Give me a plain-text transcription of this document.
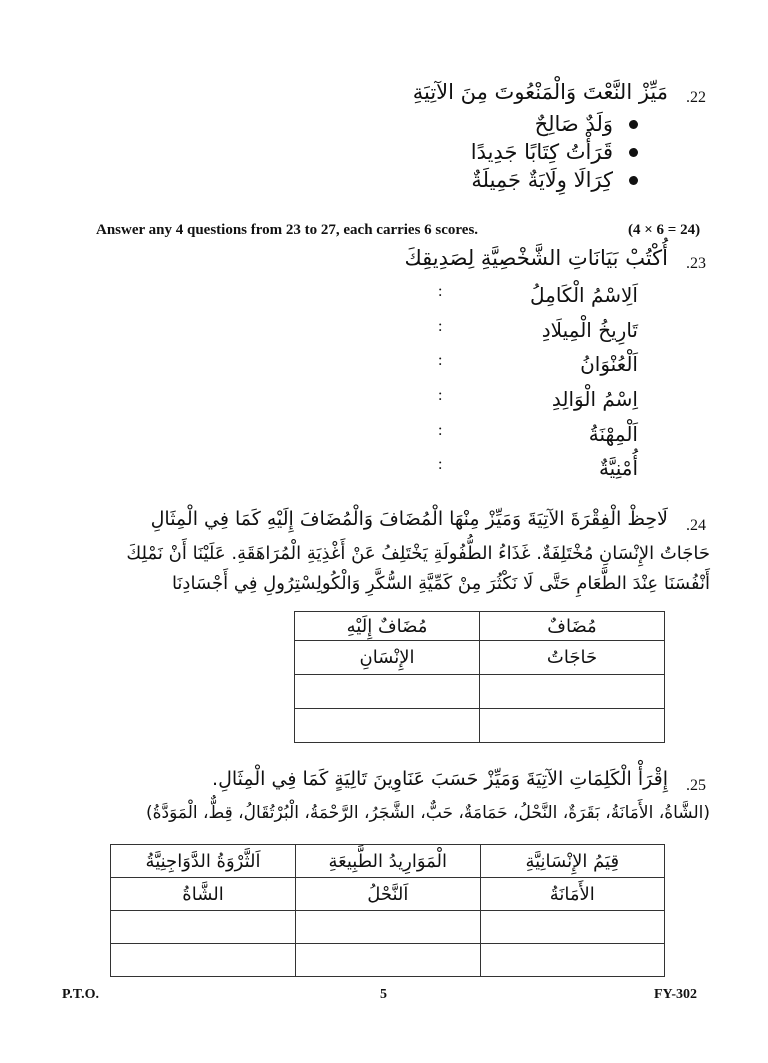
.22
مَيِّزْ النَّعْتَ وَالْمَنْعُوتَ مِنَ الآتِيَةِ
وَلَدٌ صَالِحٌ
قَرَأْتُ كِتَابًا جَدِيدًا
كِرَالَا وِلَايَةٌ جَمِيلَةٌ
Answer any 4 questions from 23 to 27, each carries 6 scores.	(4 × 6 = 24)
.23
أُكْتُبْ بَيَانَاتِ الشَّخْصِيَّةِ لِصَدِيقِكَ
اَلِاسْمُ الْكَامِلُ
:
تَارِيخُ الْمِيلَادِ
:
اَلْعُنْوَانُ
:
اِسْمُ الْوَالِدِ
:
اَلْمِهْنَةُ
:
أُمْنِيَّةٌ
:
.24
لَاحِظْ الْفِقْرَةَ الآتِيَةَ وَمَيِّزْ مِنْهَا الْمُضَافَ وَالْمُضَافَ إِلَيْهِ كَمَا فِي الْمِثَالِ
حَاجَاتُ الإِنْسَانِ مُخْتَلِفَةٌ. غَذَاءُ الطُّفُولَةِ يَخْتَلِفُ عَنْ أَغْذِيَةِ الْمُرَاهَقَةِ. عَلَيْنَا أَنْ نَمْلِكَ
أَنْفُسَنَا عِنْدَ الطَّعَامِ حَتَّى لَا نَكْثُرَ مِنْ كَمِّيَّةِ السُّكَّرِ وَالْكُولِسْتِرُولِ فِي أَجْسَادِنَا
مُضَافٌ	مُضَافٌ إِلَيْهِ
حَاجَاتُ	الإِنْسَانِ

.25
إِقْرَأْ الْكَلِمَاتِ الآتِيَةَ وَمَيِّزْ حَسَبَ عَنَاوِينَ تَالِيَةٍ كَمَا فِي الْمِثَالِ.
(الشَّاةُ، الأَمَانَةُ، بَقَرَةٌ، النَّحْلُ، حَمَامَةٌ، حَبٌّ، الشَّجَرُ، الرَّحْمَةُ، الْبُرْتُقَالُ، قِطٌّ، الْمَوَدَّةُ)
قِيَمُ الإِنْسَانِيَّةِ	الْمَوَارِيدُ الطَّبِيعَةِ	اَلثَّرْوَةُ الدَّوَاجِنِيَّةُ
الأَمَانَةُ	اَلنَّحْلُ	الشَّاةُ

P.T.O.	5	FY-302
